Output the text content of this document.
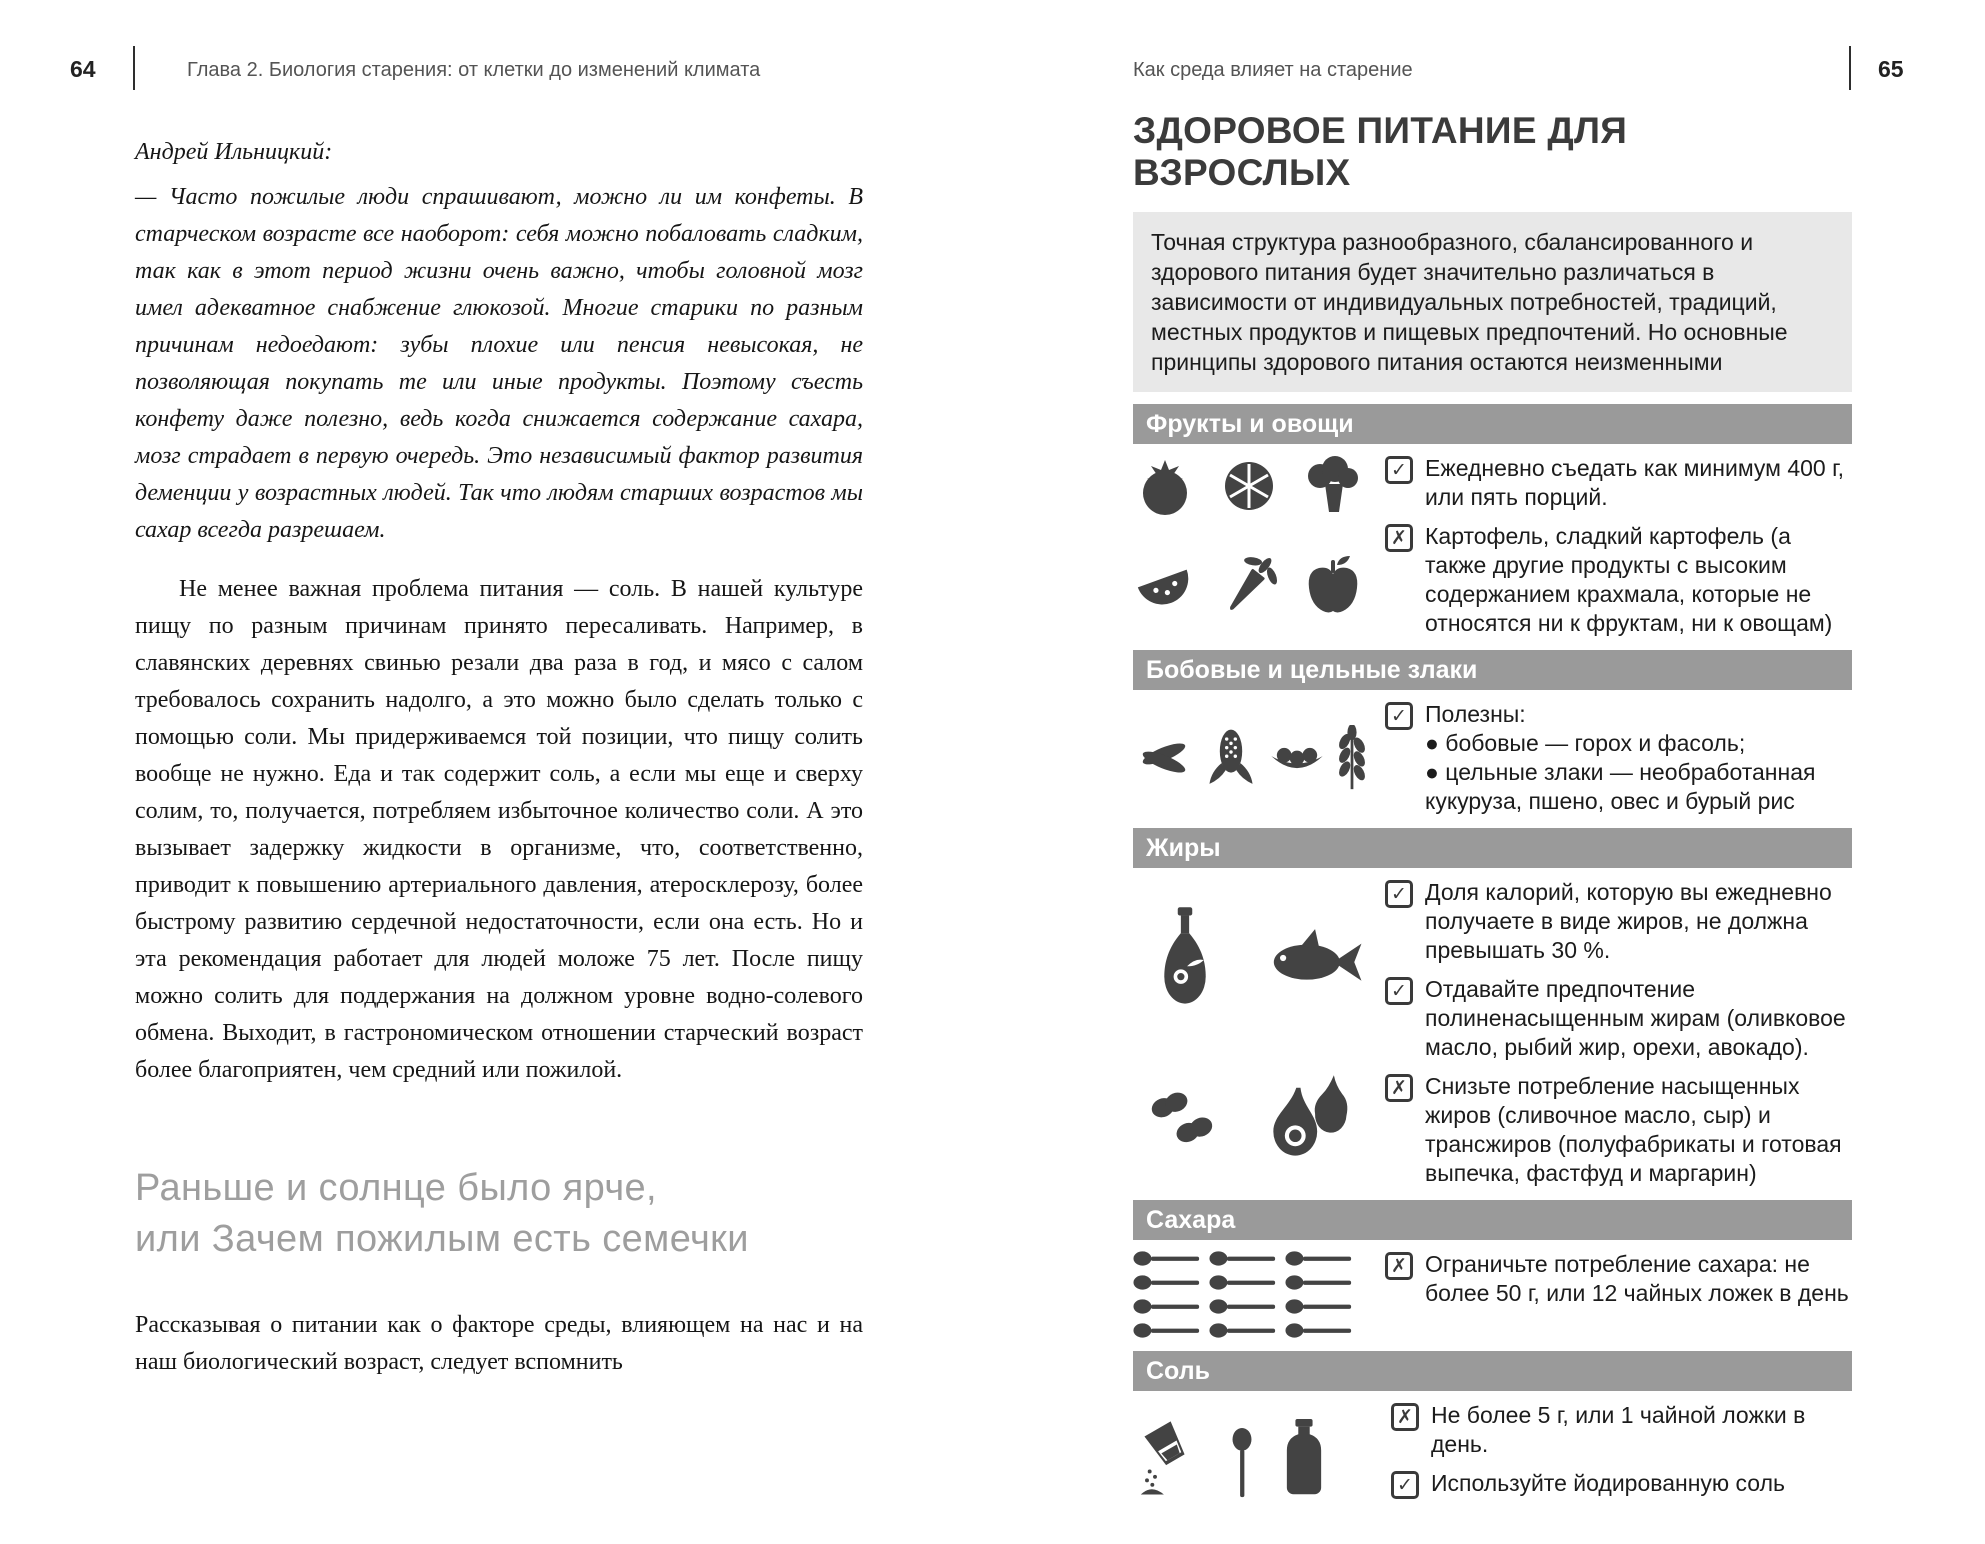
64	Глава 2. Биология старения: от клетки до изменений климата	Как среда влияет на старение	65
Андрей Ильницкий:
— Часто пожилые люди спрашивают, можно ли им конфеты. В старческом возрасте все наоборот: себя можно побаловать сладким, так как в этот период жизни очень важно, чтобы головной мозг имел адекватное снабжение глюкозой. Многие старики по разным причинам недоедают: зубы плохие или пенсия невысокая, не позволяющая покупать те или иные продукты. Поэтому съесть конфету даже полезно, ведь когда снижается содержание сахара, мозг страдает в первую очередь. Это независимый фактор развития деменции у возрастных людей. Так что людям старших возрастов мы сахар всегда разрешаем.
Не менее важная проблема питания — соль. В нашей культуре пищу по разным причинам принято пересаливать. Например, в славянских деревнях свинью резали два раза в год, и мясо с салом требовалось сохранить надолго, а это можно было сделать только с помощью соли. Мы придерживаемся той позиции, что пищу солить вообще не нужно. Еда и так содержит соль, а если мы еще и сверху солим, то, получается, потребляем избыточное количество соли. А это вызывает задержку жидкости в организме, что, соответственно, приводит к повышению артериального давления, атеросклерозу, более быстрому развитию сердечной недостаточности, если она есть. Но и эта рекомендация работает для людей моложе 75 лет. После пищу можно солить для поддержания на должном уровне водно-солевого обмена. Выходит, в гастрономическом отношении старческий возраст более благоприятен, чем средний или пожилой.
Раньше и солнце было ярче,
или Зачем пожилым есть семечки
Рассказывая о питании как о факторе среды, влияющем на нас и на наш биологический возраст, следует вспомнить
ЗДОРОВОЕ ПИТАНИЕ ДЛЯ ВЗРОСЛЫХ
Точная структура разнообразного, сбалансированного и здорового питания будет значительно различаться в зависимости от индивидуальных потребностей, традиций, местных продуктов и пищевых предпочтений. Но основные принципы здорового питания остаются неизменными
Фрукты и овощи
✓
Ежедневно съедать как минимум 400 г, или пять порций.
✗
Картофель, сладкий картофель (а также другие продукты с высоким содержанием крахмала, которые не относятся ни к фруктам, ни к овощам)
Бобовые и цельные злаки
✓
Полезны:
● бобовые — горох и фасоль;
● цельные злаки — необработанная кукуруза, пшено, овес и бурый рис
Жиры
✓
Доля калорий, которую вы ежедневно получаете в виде жиров, не должна превышать 30 %.
✓
Отдавайте предпочтение полиненасыщенным жирам (оливковое масло, рыбий жир, орехи, авокадо).
✗
Снизьте потребление насыщенных жиров (сливочное масло, сыр) и трансжиров (полуфабрикаты и готовая выпечка, фастфуд и маргарин)
Сахара
✗
Ограничьте потребление сахара: не более 50 г, или 12 чайных ложек в день
Соль
✗
Не более 5 г, или 1 чайной ложки в день.
✓
Используйте йодированную соль
